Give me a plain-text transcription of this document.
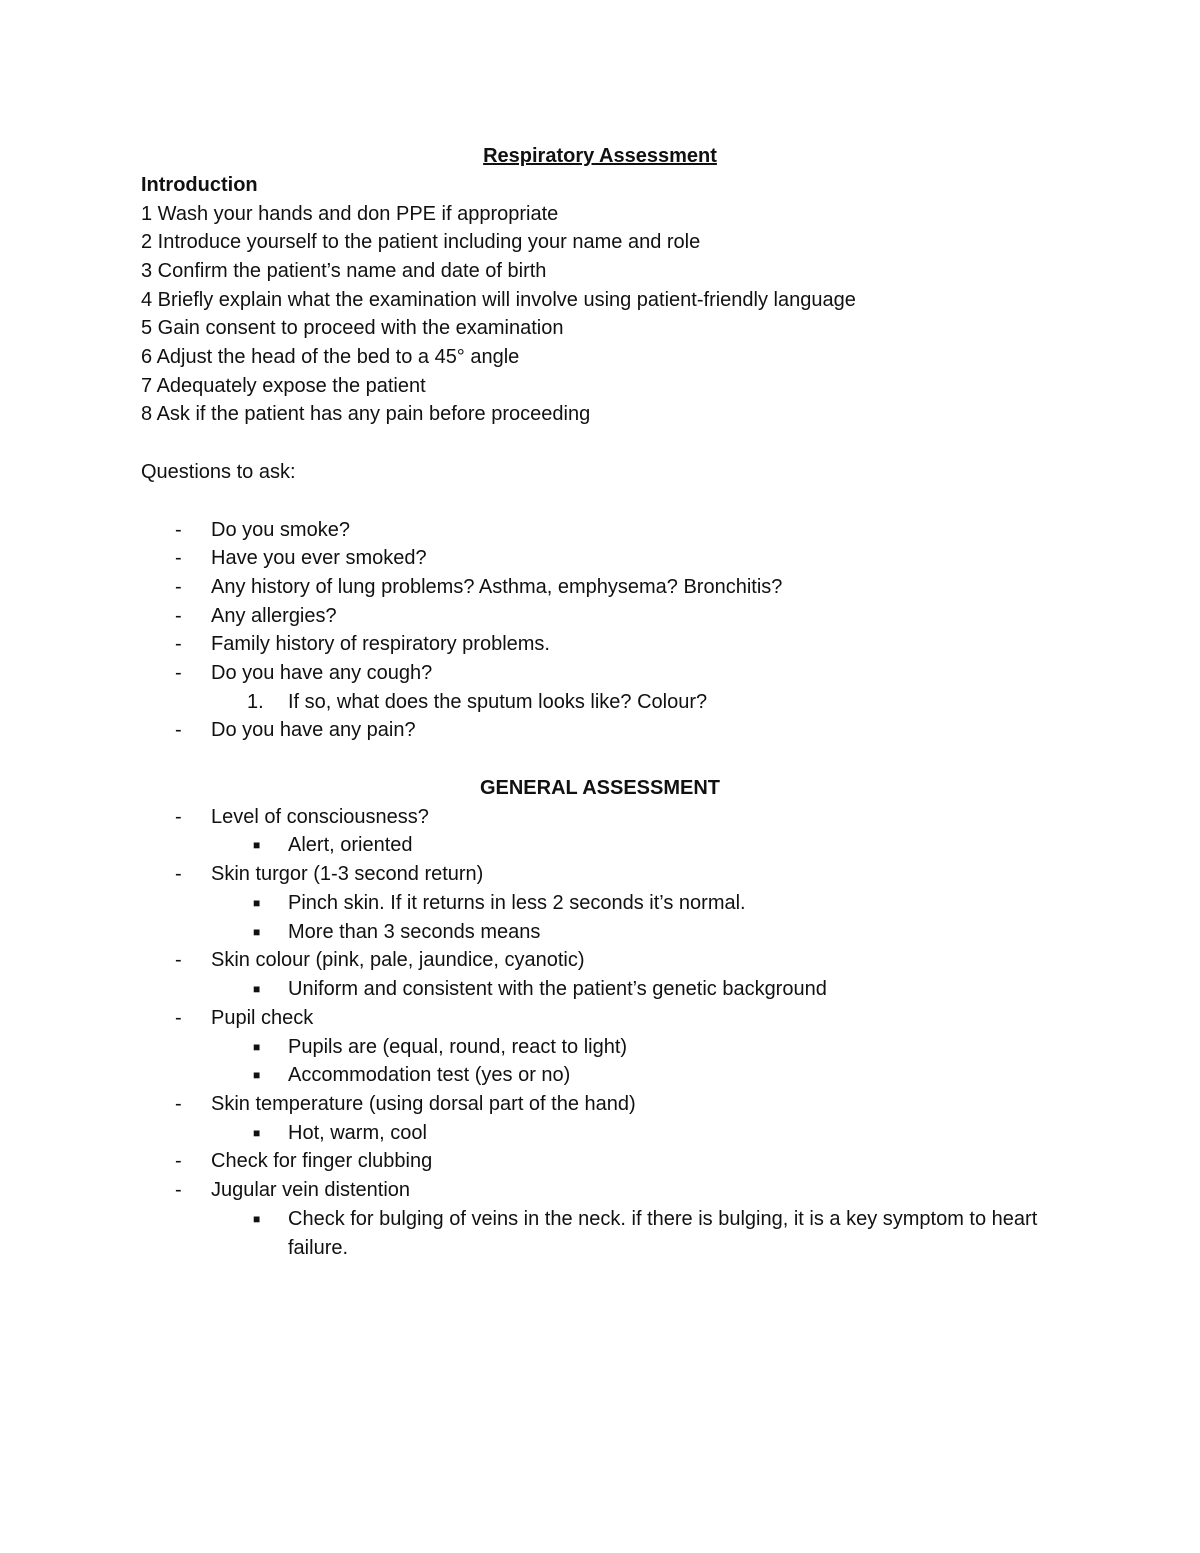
Respiratory Assessment
Introduction
1 Wash your hands and don PPE if appropriate
2 Introduce yourself to the patient including your name and role
3 Confirm the patient’s name and date of birth
4 Briefly explain what the examination will involve using patient-friendly language
5 Gain consent to proceed with the examination
6 Adjust the head of the bed to a 45° angle
7 Adequately expose the patient
8 Ask if the patient has any pain before proceeding
Questions to ask:
- Do you smoke?
- Have you ever smoked?
- Any history of lung problems? Asthma, emphysema? Bronchitis?
- Any allergies?
- Family history of respiratory problems.
- Do you have any cough?
1. If so, what does the sputum looks like? Colour?
- Do you have any pain?
GENERAL ASSESSMENT
- Level of consciousness?
■ Alert, oriented
- Skin turgor (1-3 second return)
■ Pinch skin. If it returns in less 2 seconds it’s normal.
■ More than 3 seconds means
- Skin colour (pink, pale, jaundice, cyanotic)
■ Uniform and consistent with the patient’s genetic background
- Pupil check
■ Pupils are (equal, round, react to light)
■ Accommodation test (yes or no)
- Skin temperature (using dorsal part of the hand)
■ Hot, warm, cool
- Check for finger clubbing
- Jugular vein distention
■ Check for bulging of veins in the neck. if there is bulging, it is a key symptom to heart failure.
